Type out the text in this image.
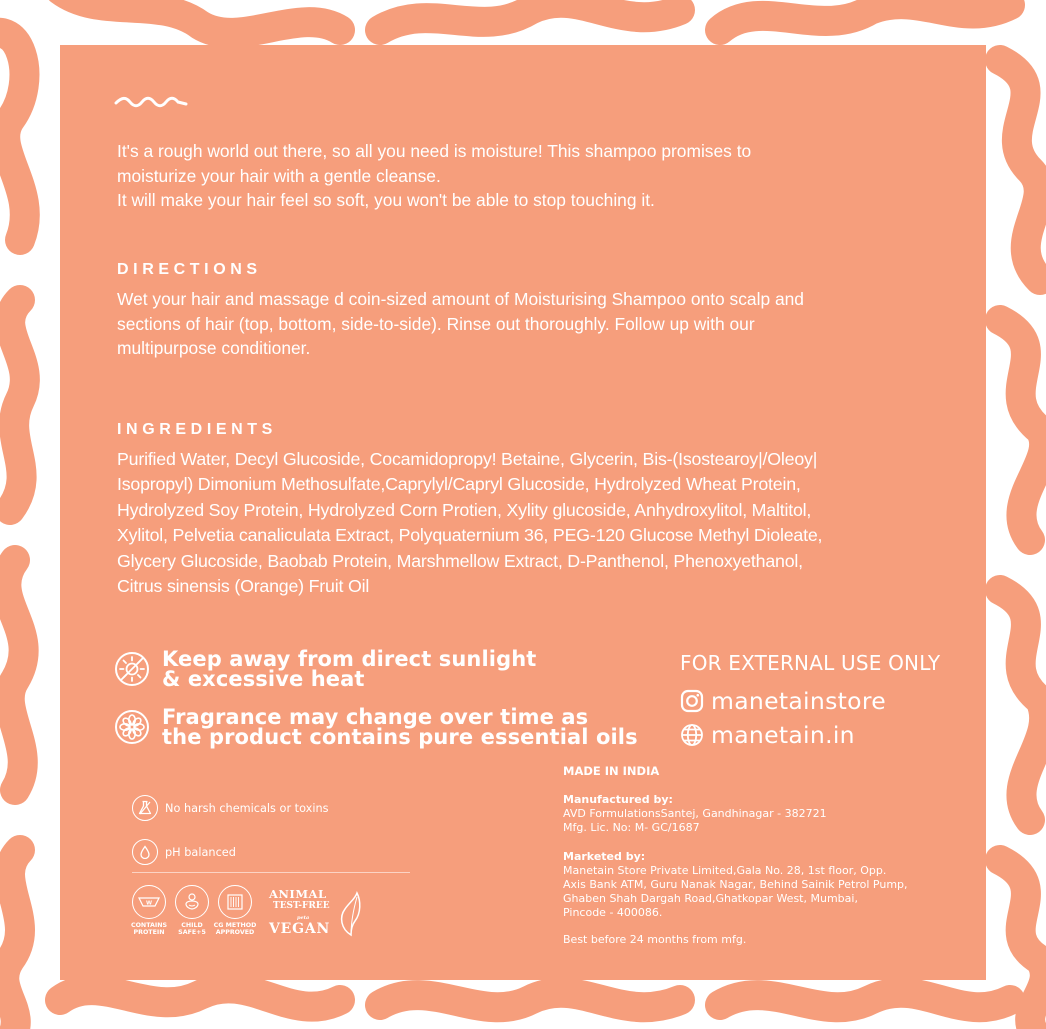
It's a rough world out there, so all you need is moisture! This shampoo promises to
moisturize your hair with a gentle cleanse.
It will make your hair feel so soft, you won't be able to stop touching it.
DIRECTIONS
Wet your hair and massage d coin-sized amount of Moisturising Shampoo onto scalp and
sections of hair (top, bottom, side-to-side). Rinse out thoroughly. Follow up with our
multipurpose conditioner.
INGREDIENTS
Purified Water, Decyl Glucoside, Cocamidopropy! Betaine, Glycerin, Bis-(Isostearoy|/Oleoy|
Isopropyl) Dimonium Methosulfate,Caprylyl/Capryl Glucoside, Hydrolyzed Wheat Protein,
Hydrolyzed Soy Protein, Hydrolyzed Corn Protien, Xylity glucoside, Anhydroxylitol, Maltitol,
Xylitol, Pelvetia canaliculata Extract, Polyquaternium 36, PEG-120 Glucose Methyl Dioleate,
Glycery Glucoside, Baobab Protein, Marshmellow Extract, D-Panthenol, Phenoxyethanol,
Citrus sinensis (Orange) Fruit Oil
Keep away from direct sunlight
& excessive heat
Fragrance may change over time as
the product contains pure essential oils
FOR EXTERNAL USE ONLY
manetainstore
manetain.in
MADE IN INDIA
Manufactured by:
AVD FormulationsSantej, Gandhinagar - 382721
Mfg. Lic. No: M- GC/1687
Marketed by:
Manetain Store Private Limited,Gala No. 28, 1st floor, Opp.
Axis Bank ATM, Guru Nanak Nagar, Behind Sainik Petrol Pump,
Ghaben Shah Dargah Road,Ghatkopar West, Mumbai,
Pincode - 400086.
Best before 24 months from mfg.
No harsh chemicals or toxins
pH balanced
W
CONTAINS
PROTEIN
CHILD
SAFE+5
CG METHOD
APPROVED
ANIMAL
TEST-FREE
peta
VEGAN
